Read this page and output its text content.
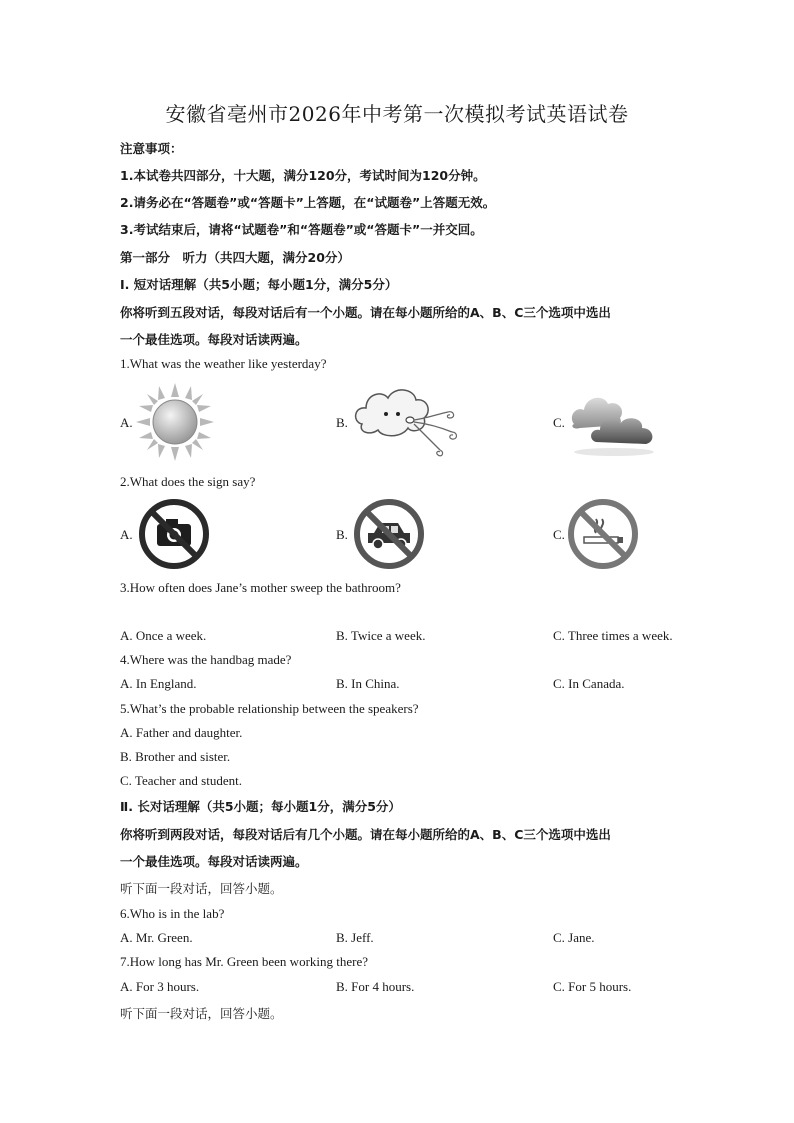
安徽省亳州市2026年中考第一次模拟考试英语试卷
注意事项：
1.本试卷共四部分，十大题，满分120分，考试时间为120分钟。
2.请务必在“答题卷”或“答题卡”上答题，在“试题卷”上答题无效。
3.考试结束后，请将“试题卷”和“答题卷”或“答题卡”一并交回。
第一部分　听力（共四大题，满分20分）
Ⅰ. 短对话理解（共5小题；每小题1分，满分5分）
你将听到五段对话，每段对话后有一个小题。请在每小题所给的A、B、C三个选项中选出
一个最佳选项。每段对话读两遍。
1.What was the weather like yesterday?
A.	B.	C.
2.What does the sign say?
A.	B.	C.
3.How often does Jane’s mother sweep the bathroom?
A. Once a week.	B. Twice a week.	C. Three times a week.
4.Where was the handbag made?
A. In England.	B. In China.	C. In Canada.
5.What’s the probable relationship between the speakers?
A. Father and daughter.
B. Brother and sister.
C. Teacher and student.
Ⅱ. 长对话理解（共5小题；每小题1分，满分5分）
你将听到两段对话，每段对话后有几个小题。请在每小题所给的A、B、C三个选项中选出
一个最佳选项。每段对话读两遍。
听下面一段对话，回答小题。
6.Who is in the lab?
A. Mr. Green.	B. Jeff.	C. Jane.
7.How long has Mr. Green been working there?
A. For 3 hours.	B. For 4 hours.	C. For 5 hours.
听下面一段对话，回答小题。
